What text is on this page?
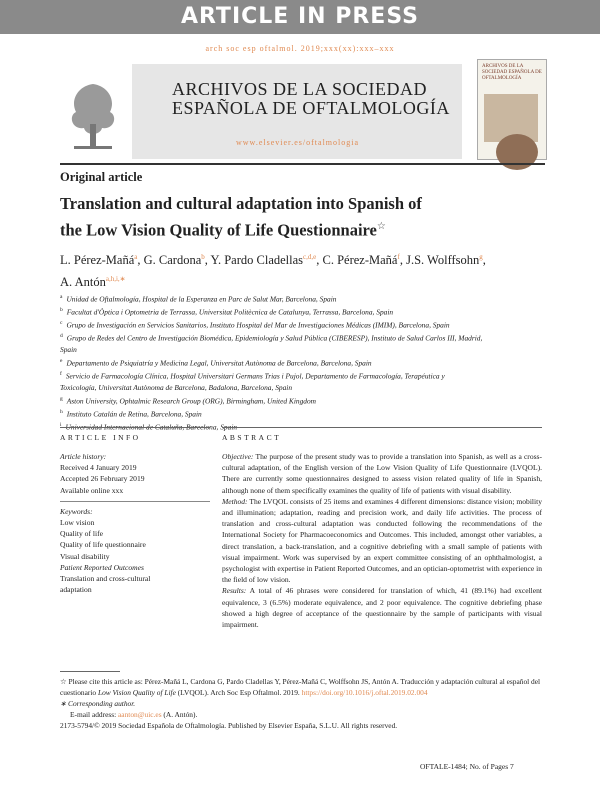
ARTICLE IN PRESS
arch soc esp oftalmol. 2019;xxx(xx):xxx–xxx
ARCHIVOS DE LA SOCIEDAD
ESPAÑOLA DE OFTALMOLOGÍA
www.elsevier.es/oftalmologia
ARCHIVOS DE LA SOCIEDAD ESPAÑOLA DE OFTALMOLOGÍA
Original article
Translation and cultural adaptation into Spanish of
the Low Vision Quality of Life Questionnaire☆
L. Pérez-Mañá$^a$, G. Cardona$^b$, Y. Pardo Cladellas$^{c,d,e}$, C. Pérez-Mañá$^f$, J.S. Wolffsohn$^g$,
A. Antón$^{a,h,i,∗}$
$^a$ Unidad de Oftalmología, Hospital de la Esperanza en Parc de Salut Mar, Barcelona, Spain
$^b$ Facultat d'Òptica i Optometria de Terrassa, Universitat Politècnica de Catalunya, Terrassa, Barcelona, Spain
$^c$ Grupo de Investigación en Servicios Sanitarios, Instituto Hospital del Mar de Investigaciones Médicas (IMIM), Barcelona, Spain
$^d$ Grupo de Redes del Centro de Investigación Biomédica, Epidemiología y Salud Pública (CIBERESP), Instituto de Salud Carlos III, Madrid,
Spain
$^e$ Departamento de Psiquiatría y Medicina Legal, Universitat Autònoma de Barcelona, Barcelona, Spain
$^f$ Servicio de Farmacología Clínica, Hospital Universitari Germans Trias i Pujol, Departamento de Farmacología, Terapéutica y
Toxicología, Universitat Autònoma de Barcelona, Badalona, Barcelona, Spain
$^g$ Aston University, Ophtalmic Research Group (ORG), Birmingham, United Kingdom
$^h$ Instituto Catalán de Retina, Barcelona, Spain
$^i$
ARTICLE INFO	ABSTRACT
Article history:
Received 4 January 2019
Accepted 26 February 2019
Available online xxx
Keywords:
Low vision
Quality of life
Quality of life questionnaire
Visual disability
Patient Reported Outcomes
Translation and cross-cultural
adaptation

Objective: The purpose of the present study was to provide a translation into Spanish, as well as a cross-cultural adaptation, of the English version of the Low Vision Quality of Life Questionnaire (LVQOL). There are currently some questionnaires designed to assess vision related quality of life in Spanish, although none of them specifically examines the quality of life of patients with visual disability.

Method: The LVQOL consists of 25 items and examines 4 different dimensions: distance vision; mobility and illumination; adaptation, reading and precision work, and daily life activities. The process of translation and cross-cultural adaptation was conducted following the recommendations of the International Society for Pharmacoeconomics and Outcomes. This included, amongst other variables, a direct translation, a back-translation, and a cognitive debriefing with a small sample of patients with visual impairment. Work was supervised by an expert committee consisting of an ophthalmologist, a psychologist with expertise in Patient Reported Outcomes, and an optician-optometrist with experience in the field of low vision.

Results: A total of 46 phrases were considered for translation of which, 41 (89.1%) had excellent equivalence, 3 (6.5%) moderate equivalence, and 2 poor equivalence. The cognitive debriefing phase showed a high degree of acceptance of the questionnaire by the sample of participants with visual impairment.

☆ Please cite this article as: Pérez-Mañá L, Cardona G, Pardo Cladellas Y, Pérez-Mañá C, Wolffsohn JS, Antón A. Traducción y adaptación cultural al español del cuestionario Low Vision Quality of Life (LVQOL). Arch Soc Esp Oftalmol. 2019. https://doi.org/10.1016/j.oftal.2019.02.004
∗ Corresponding author.
E-mail address: aanton@uic.es (A. Antón).
2173-5794/© 2019 Sociedad Española de Oftalmología. Published by Elsevier España, S.L.U. All rights reserved.
OFTALE-1484; No. of Pages 7
